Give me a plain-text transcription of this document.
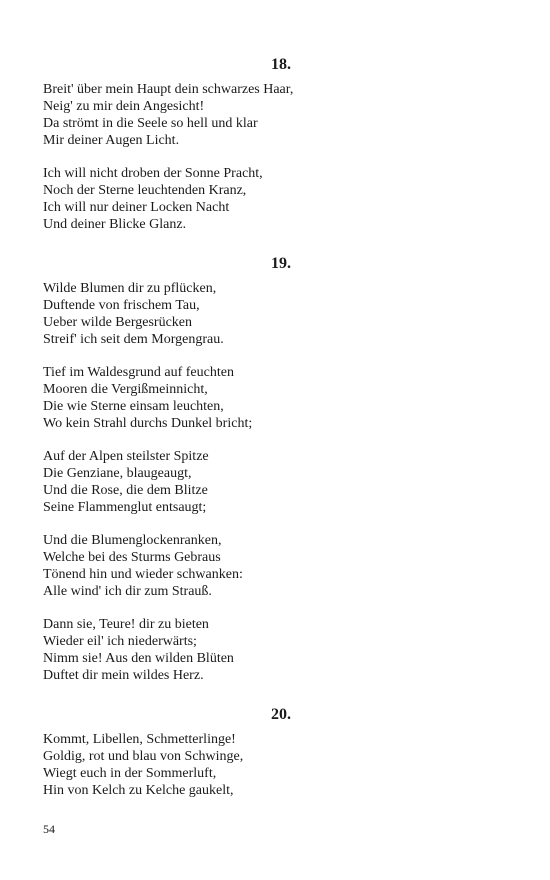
18.
Breit' über mein Haupt dein schwarzes Haar,
Neig' zu mir dein Angesicht!
Da strömt in die Seele so hell und klar
Mir deiner Augen Licht.
Ich will nicht droben der Sonne Pracht,
Noch der Sterne leuchtenden Kranz,
Ich will nur deiner Locken Nacht
Und deiner Blicke Glanz.
19.
Wilde Blumen dir zu pflücken,
Duftende von frischem Tau,
Ueber wilde Bergesrücken
Streif' ich seit dem Morgengrau.
Tief im Waldesgrund auf feuchten
Mooren die Vergißmeinnicht,
Die wie Sterne einsam leuchten,
Wo kein Strahl durchs Dunkel bricht;
Auf der Alpen steilster Spitze
Die Genziane, blaugeaugt,
Und die Rose, die dem Blitze
Seine Flammenglut entsaugt;
Und die Blumenglockenranken,
Welche bei des Sturms Gebraus
Tönend hin und wieder schwanken:
Alle wind' ich dir zum Strauß.
Dann sie, Teure! dir zu bieten
Wieder eil' ich niederwärts;
Nimm sie! Aus den wilden Blüten
Duftet dir mein wildes Herz.
20.
Kommt, Libellen, Schmetterlinge!
Goldig, rot und blau von Schwinge,
Wiegt euch in der Sommerluft,
Hin von Kelch zu Kelche gaukelt,
54
